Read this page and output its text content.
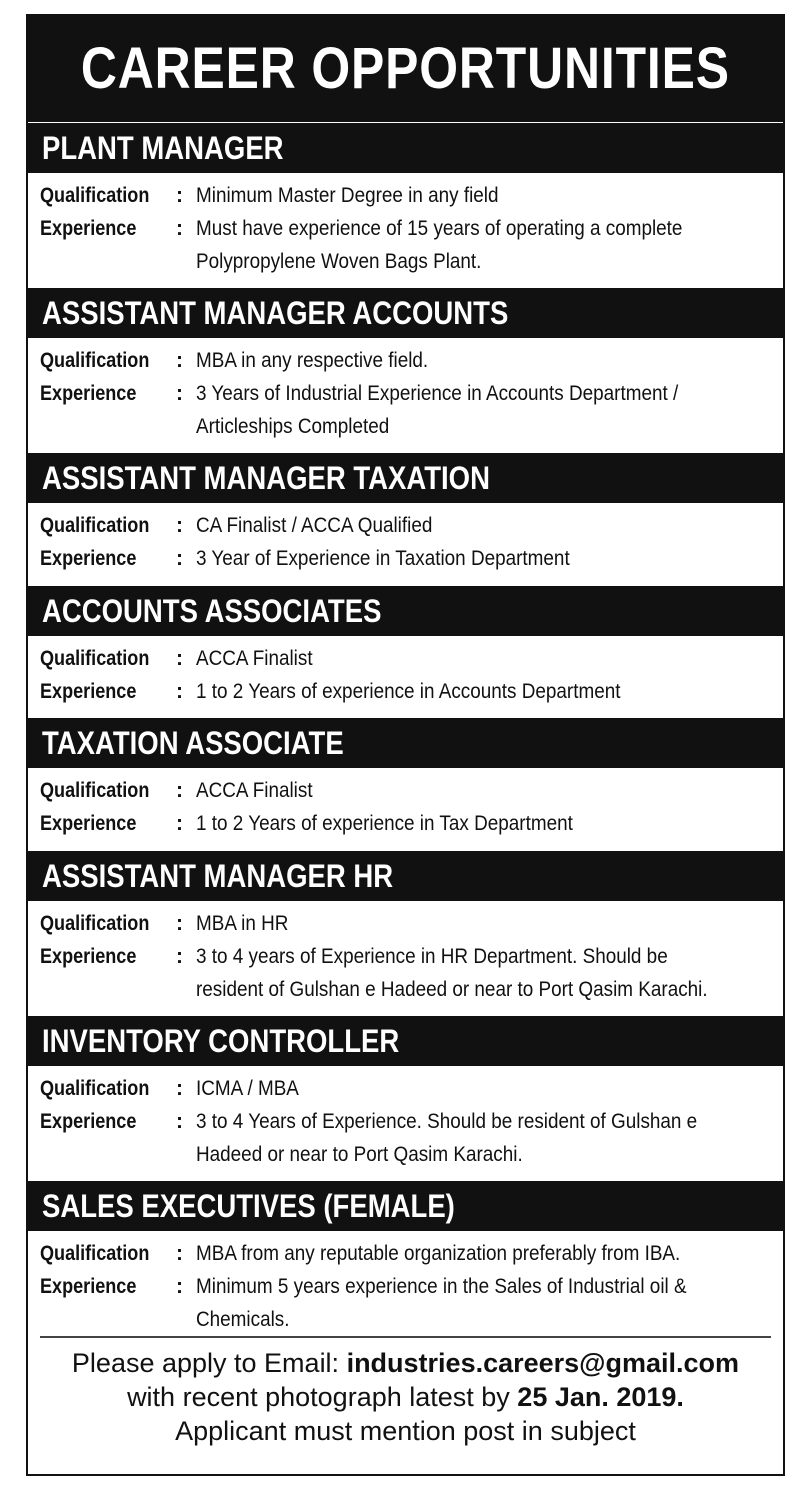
CAREER OPPORTUNITIES
PLANT MANAGER
Qualification	: Minimum Master Degree in any field
Experience	: Must have experience of 15 years of operating a complete
Polypropylene Woven Bags Plant.
ASSISTANT MANAGER ACCOUNTS
Qualification	: MBA in any respective field.
Experience	: 3 Years of Industrial Experience in Accounts Department /
Articleships Completed
ASSISTANT MANAGER TAXATION
Qualification	: CA Finalist / ACCA Qualified
Experience	: 3 Year of Experience in Taxation Department
ACCOUNTS ASSOCIATES
Qualification	: ACCA Finalist
Experience	: 1 to 2 Years of experience in Accounts Department
TAXATION ASSOCIATE
Qualification	: ACCA Finalist
Experience	: 1 to 2 Years of experience in Tax Department
ASSISTANT MANAGER HR
Qualification	: MBA in HR
Experience	: 3 to 4 years of Experience in HR Department. Should be
resident of Gulshan e Hadeed or near to Port Qasim Karachi.
INVENTORY CONTROLLER
Qualification	: ICMA / MBA
Experience	: 3 to 4 Years of Experience. Should be resident of Gulshan e
Hadeed or near to Port Qasim Karachi.
SALES EXECUTIVES (FEMALE)
Qualification	: MBA from any reputable organization preferably from IBA.
Experience	: Minimum 5 years experience in the Sales of Industrial oil &
Chemicals.
Please apply to Email: industries.careers@gmail.com
with recent photograph latest by 25 Jan. 2019.
Applicant must mention post in subject
